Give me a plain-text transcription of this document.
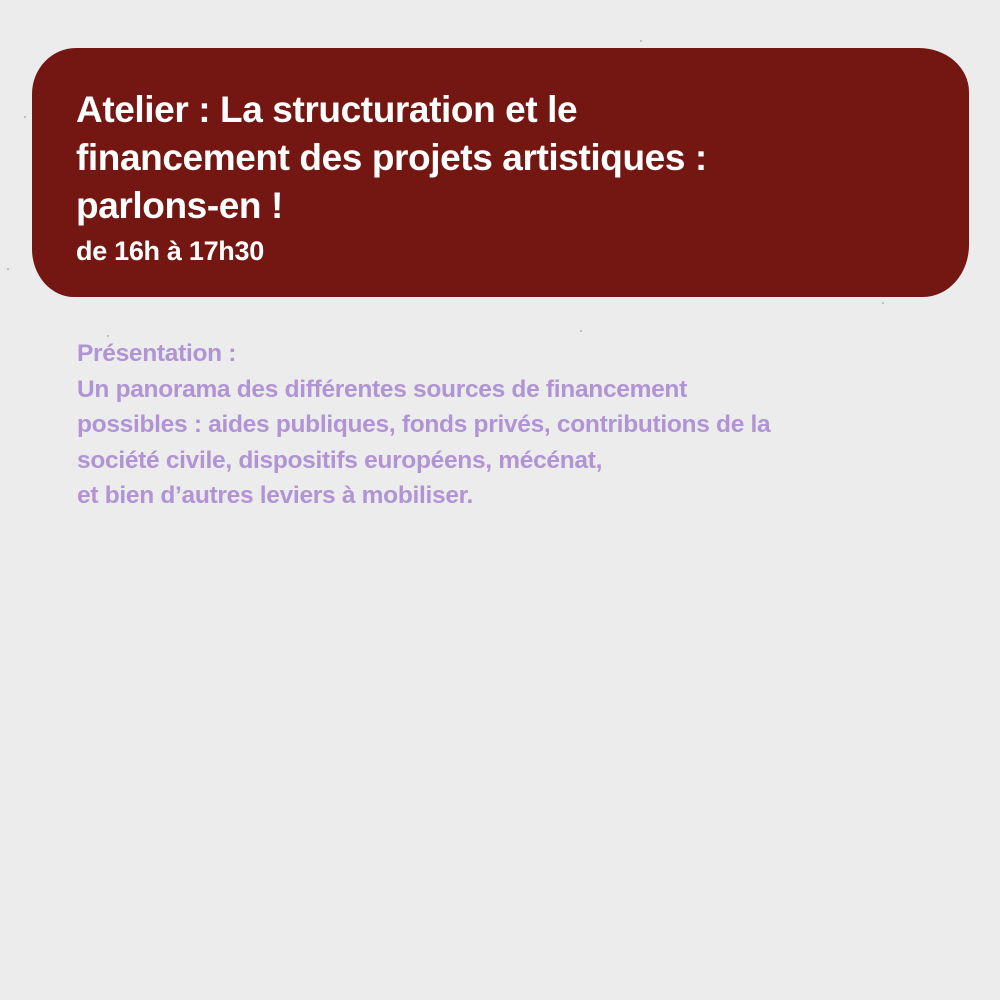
Atelier : La structuration et le
financement des projets artistiques :
parlons-en !
de 16h à 17h30
Présentation :
Un panorama des différentes sources de financement
possibles : aides publiques, fonds privés, contributions de la
société civile, dispositifs européens, mécénat,
et bien d’autres leviers à mobiliser.
